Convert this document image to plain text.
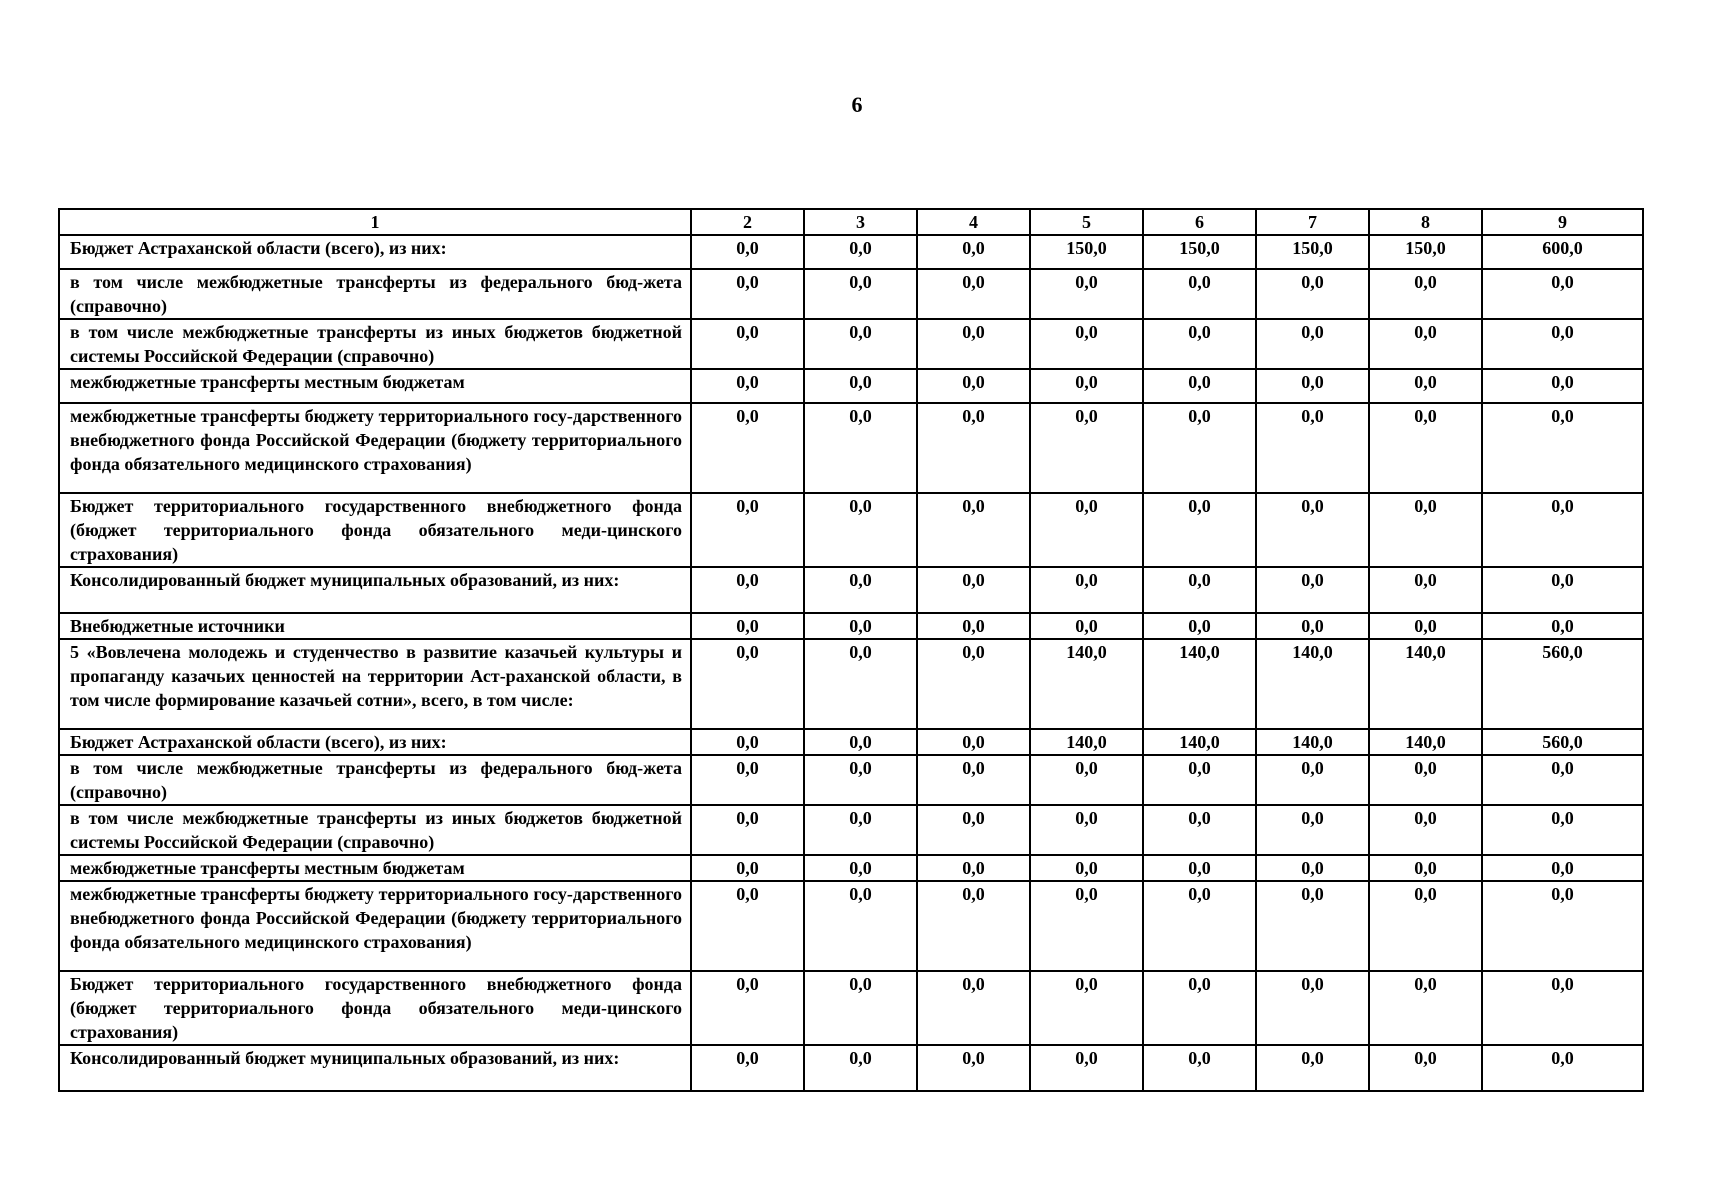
6
1	2	3	4	5	6	7	8	9
Бюджет Астраханской области (всего), из них:	0,0	0,0	0,0	150,0	150,0	150,0	150,0	600,0
в том числе межбюджетные трансферты из федерального бюд-жета (справочно)	0,0	0,0	0,0	0,0	0,0	0,0	0,0	0,0
в том числе межбюджетные трансферты из иных бюджетов бюджетной системы Российской Федерации (справочно)	0,0	0,0	0,0	0,0	0,0	0,0	0,0	0,0
межбюджетные трансферты местным бюджетам	0,0	0,0	0,0	0,0	0,0	0,0	0,0	0,0
межбюджетные трансферты бюджету территориального госу-дарственного внебюджетного фонда Российской Федерации (бюджету территориального фонда обязательного медицинского страхования)	0,0	0,0	0,0	0,0	0,0	0,0	0,0	0,0
Бюджет территориального государственного внебюджетного фонда (бюджет территориального фонда обязательного меди-цинского страхования)	0,0	0,0	0,0	0,0	0,0	0,0	0,0	0,0
Консолидированный бюджет муниципальных образований, из них:	0,0	0,0	0,0	0,0	0,0	0,0	0,0	0,0
Внебюджетные источники	0,0	0,0	0,0	0,0	0,0	0,0	0,0	0,0
5 «Вовлечена молодежь и студенчество в развитие казачьей культуры и пропаганду казачьих ценностей на территории Аст-раханской области, в том числе формирование казачьей сотни», всего, в том числе:	0,0	0,0	0,0	140,0	140,0	140,0	140,0	560,0
Бюджет Астраханской области (всего), из них:	0,0	0,0	0,0	140,0	140,0	140,0	140,0	560,0
в том числе межбюджетные трансферты из федерального бюд-жета (справочно)	0,0	0,0	0,0	0,0	0,0	0,0	0,0	0,0
в том числе межбюджетные трансферты из иных бюджетов бюджетной системы Российской Федерации (справочно)	0,0	0,0	0,0	0,0	0,0	0,0	0,0	0,0
межбюджетные трансферты местным бюджетам	0,0	0,0	0,0	0,0	0,0	0,0	0,0	0,0
межбюджетные трансферты бюджету территориального госу-дарственного внебюджетного фонда Российской Федерации (бюджету территориального фонда обязательного медицинского страхования)	0,0	0,0	0,0	0,0	0,0	0,0	0,0	0,0
Бюджет территориального государственного внебюджетного фонда (бюджет территориального фонда обязательного меди-цинского страхования)	0,0	0,0	0,0	0,0	0,0	0,0	0,0	0,0
Консолидированный бюджет муниципальных образований, из них:	0,0	0,0	0,0	0,0	0,0	0,0	0,0	0,0
